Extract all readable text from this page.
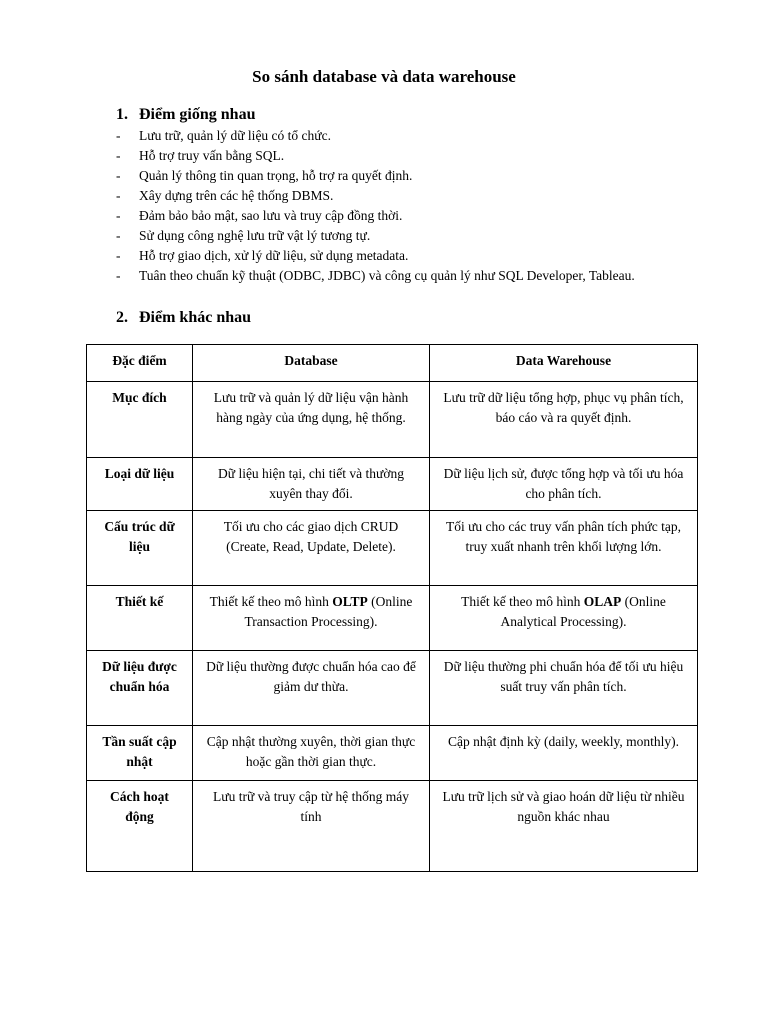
So sánh database và data warehouse
1. Điểm giống nhau
- Lưu trữ, quản lý dữ liệu có tổ chức.
- Hỗ trợ truy vấn bằng SQL.
- Quản lý thông tin quan trọng, hỗ trợ ra quyết định.
- Xây dựng trên các hệ thống DBMS.
- Đảm bảo bảo mật, sao lưu và truy cập đồng thời.
- Sử dụng công nghệ lưu trữ vật lý tương tự.
- Hỗ trợ giao dịch, xử lý dữ liệu, sử dụng metadata.
- Tuân theo chuẩn kỹ thuật (ODBC, JDBC) và công cụ quản lý như SQL Developer, Tableau.
2. Điểm khác nhau
Đặc điểm	Database	Data Warehouse
Mục đích	Lưu trữ và quản lý dữ liệu vận hành hàng ngày của ứng dụng, hệ thống.	Lưu trữ dữ liệu tổng hợp, phục vụ phân tích, báo cáo và ra quyết định.
Loại dữ liệu	Dữ liệu hiện tại, chi tiết và thường xuyên thay đổi.	Dữ liệu lịch sử, được tổng hợp và tối ưu hóa cho phân tích.
Cấu trúc dữ liệu	Tối ưu cho các giao dịch CRUD (Create, Read, Update, Delete).	Tối ưu cho các truy vấn phân tích phức tạp, truy xuất nhanh trên khối lượng lớn.
Thiết kế	Thiết kế theo mô hình OLTP (Online Transaction Processing).	Thiết kế theo mô hình OLAP (Online Analytical Processing).
Dữ liệu được chuẩn hóa	Dữ liệu thường được chuẩn hóa cao để giảm dư thừa.	Dữ liệu thường phi chuẩn hóa để tối ưu hiệu suất truy vấn phân tích.
Tần suất cập nhật	Cập nhật thường xuyên, thời gian thực hoặc gần thời gian thực.	Cập nhật định kỳ (daily, weekly, monthly).
Cách hoạt động	Lưu trữ và truy cập từ hệ thống máy tính	Lưu trữ lịch sử và giao hoán dữ liệu từ nhiều nguồn khác nhau
